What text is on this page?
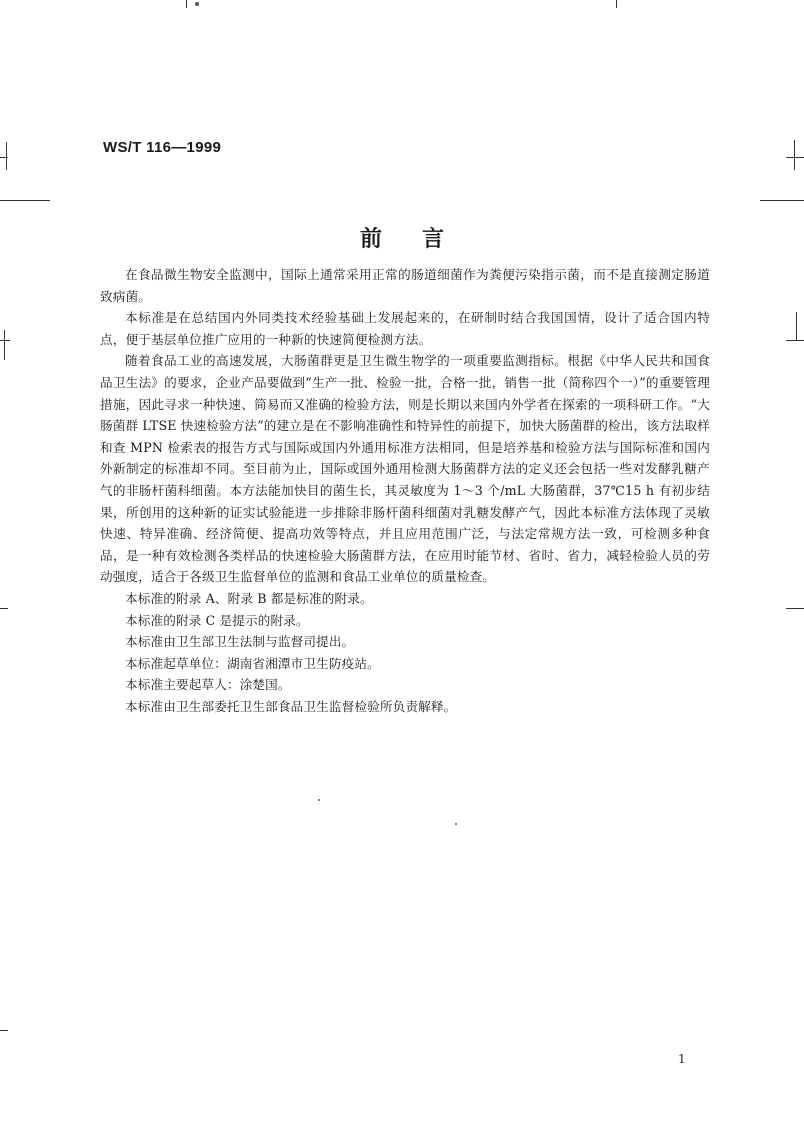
WS/T 116—1999
前言

在食品微生物安全监测中，国际上通常采用正常的肠道细菌作为粪便污染指示菌，而不是直接测定肠道致病菌。

本标准是在总结国内外同类技术经验基础上发展起来的，在研制时结合我国国情，设计了适合国内特点，便于基层单位推广应用的一种新的快速简便检测方法。

随着食品工业的高速发展，大肠菌群更是卫生微生物学的一项重要监测指标。根据《中华人民共和国食品卫生法》的要求，企业产品要做到“生产一批、检验一批，合格一批，销售一批（简称四个一）”的重要管理措施，因此寻求一种快速、简易而又准确的检验方法，则是长期以来国内外学者在探索的一项科研工作。“大肠菌群 LTSE 快速检验方法”的建立是在不影响准确性和特异性的前提下，加快大肠菌群的检出，该方法取样和查 MPN 检索表的报告方式与国际或国内外通用标准方法相同，但是培养基和检验方法与国际标准和国内外新制定的标准却不同。至目前为止，国际或国外通用检测大肠菌群方法的定义还会包括一些对发酵乳糖产气的非肠杆菌科细菌。本方法能加快目的菌生长，其灵敏度为 1～3 个/mL 大肠菌群，37℃15 h 有初步结果，所创用的这种新的证实试验能进一步排除非肠杆菌科细菌对乳糖发酵产气，因此本标准方法体现了灵敏快速、特异准确、经济简便、提高功效等特点，并且应用范围广泛，与法定常规方法一致，可检测多种食品，是一种有效检测各类样品的快速检验大肠菌群方法，在应用时能节材、省时、省力，减轻检验人员的劳动强度，适合于各级卫生监督单位的监测和食品工业单位的质量检查。

本标准的附录 A、附录 B 都是标准的附录。

本标准的附录 C 是提示的附录。

本标准由卫生部卫生法制与监督司提出。

本标准起草单位：湖南省湘潭市卫生防疫站。

本标准主要起草人：涂楚国。

本标准由卫生部委托卫生部食品卫生监督检验所负责解释。

1
